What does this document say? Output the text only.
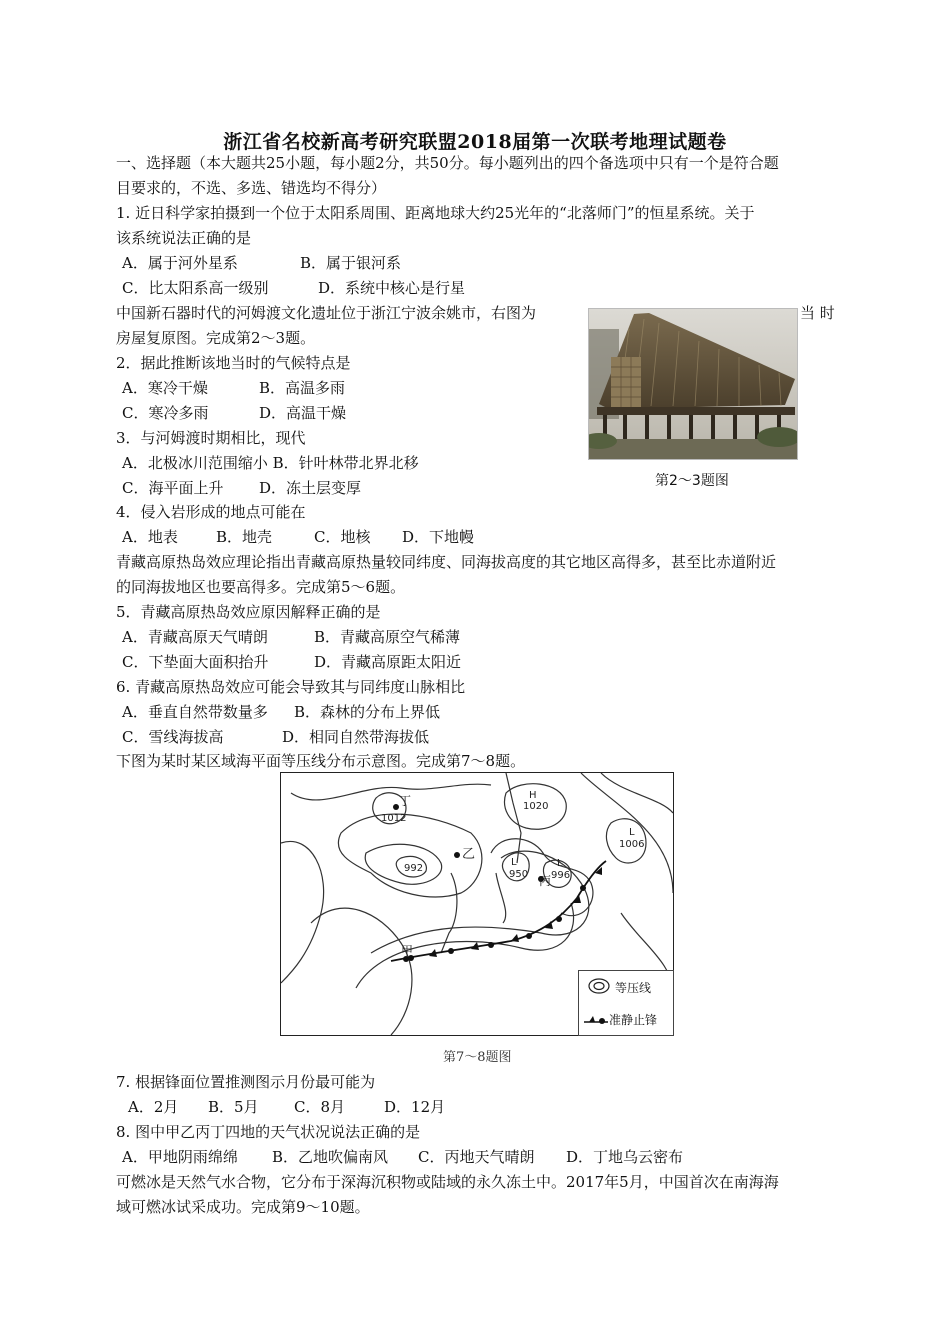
浙江省名校新高考研究联盟2018届第一次联考地理试题卷
一、选择题（本大题共25小题，每小题2分，共50分。每小题列出的四个备选项中只有一个是符合题
目要求的，不选、多选、错选均不得分）
1. 近日科学家拍摄到一个位于太阳系周围、距离地球大约25光年的“北落师门”的恒星系统。关于
该系统说法正确的是
A．属于河外星系	B．属于银河系
C．比太阳系高一级别	D．系统中核心是行星
中国新石器时代的河姆渡文化遗址位于浙江宁波余姚市，右图为	当 时
房屋复原图。完成第2～3题。
第2～3题图
2．据此推断该地当时的气候特点是
A．寒冷干燥	B．高温多雨
C．寒冷多雨	D．高温干燥
3．与河姆渡时期相比，现代
A．北极冰川范围缩小 B．针叶林带北界北移
C．海平面上升 D．冻土层变厚
4．侵入岩形成的地点可能在
A．地表	B．地壳	C．地核 D．下地幔
青藏高原热岛效应理论指出青藏高原热量较同纬度、同海拔高度的其它地区高得多，甚至比赤道附近
的同海拔地区也要高得多。完成第5～6题。
5．青藏高原热岛效应原因解释正确的是
A．青藏高原天气晴朗	B．青藏高原空气稀薄
C．下垫面大面积抬升	D．青藏高原距太阳近
6. 青藏高原热岛效应可能会导致其与同纬度山脉相比
A．垂直自然带数量多 B．森林的分布上界低
C．雪线海拔高	D．相同自然带海拔低
下图为某时某区域海平面等压线分布示意图。完成第7～8题。
丁
1012
H
1020
L
1006
乙
992
L
950 丙
L
996
甲
等压线
准静止锋
第7～8题图
7. 根据锋面位置推测图示月份最可能为
A．2月 B．5月 C．8月	D．12月
8. 图中甲乙丙丁四地的天气状况说法正确的是
A．甲地阴雨绵绵 B．乙地吹偏南风 C．丙地天气晴朗 D．丁地乌云密布
可燃冰是天然气水合物，它分布于深海沉积物或陆域的永久冻土中。2017年5月，中国首次在南海海
域可燃冰试采成功。完成第9～10题。
